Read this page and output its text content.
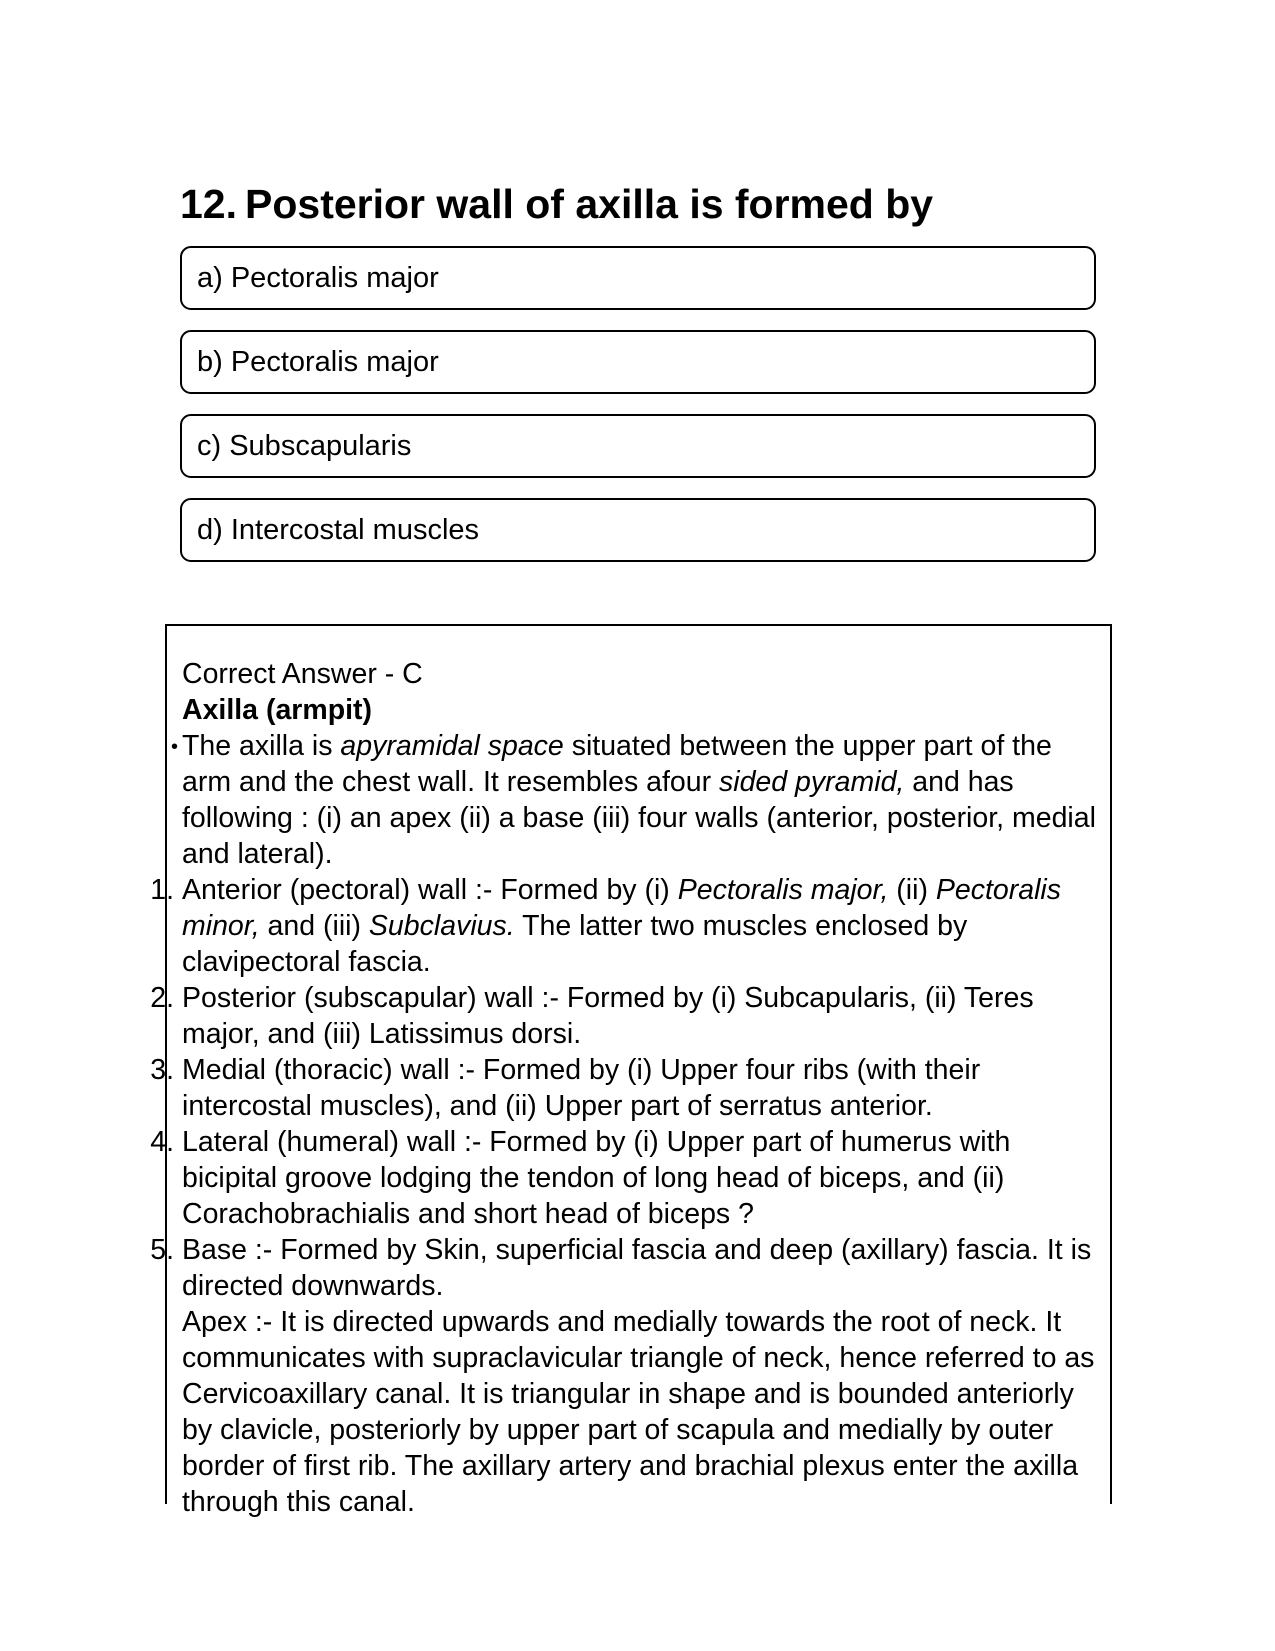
12. Posterior wall of axilla is formed by
a) Pectoralis major
b) Pectoralis major
c) Subscapularis
d) Intercostal muscles

Correct Answer - C

Axilla (armpit)

• The axilla is apyramidal space situated between the upper part of the arm and the chest wall. It resembles afour sided pyramid, and has following : (i) an apex (ii) a base (iii) four walls (anterior, posterior, medial and lateral).
1. Anterior (pectoral) wall :- Formed by (i) Pectoralis major, (ii) Pectoralis minor, and (iii) Subclavius. The latter two muscles enclosed by clavipectoral fascia.
2. Posterior (subscapular) wall :- Formed by (i) Subcapularis, (ii) Teres major, and (iii) Latissimus dorsi.
3. Medial (thoracic) wall :- Formed by (i) Upper four ribs (with their intercostal muscles), and (ii) Upper part of serratus anterior.
4. Lateral (humeral) wall :- Formed by (i) Upper part of humerus with bicipital groove lodging the tendon of long head of biceps, and (ii) Corachobrachialis and short head of biceps ?
5. Base :- Formed by Skin, superficial fascia and deep (axillary) fascia. It is directed downwards.

Apex :- It is directed upwards and medially towards the root of neck. It communicates with supraclavicular triangle of neck, hence referred to as Cervicoaxillary canal. It is triangular in shape and is bounded anteriorly by clavicle, posteriorly by upper part of scapula and medially by outer border of first rib. The axillary artery and brachial plexus enter the axilla through this canal.
